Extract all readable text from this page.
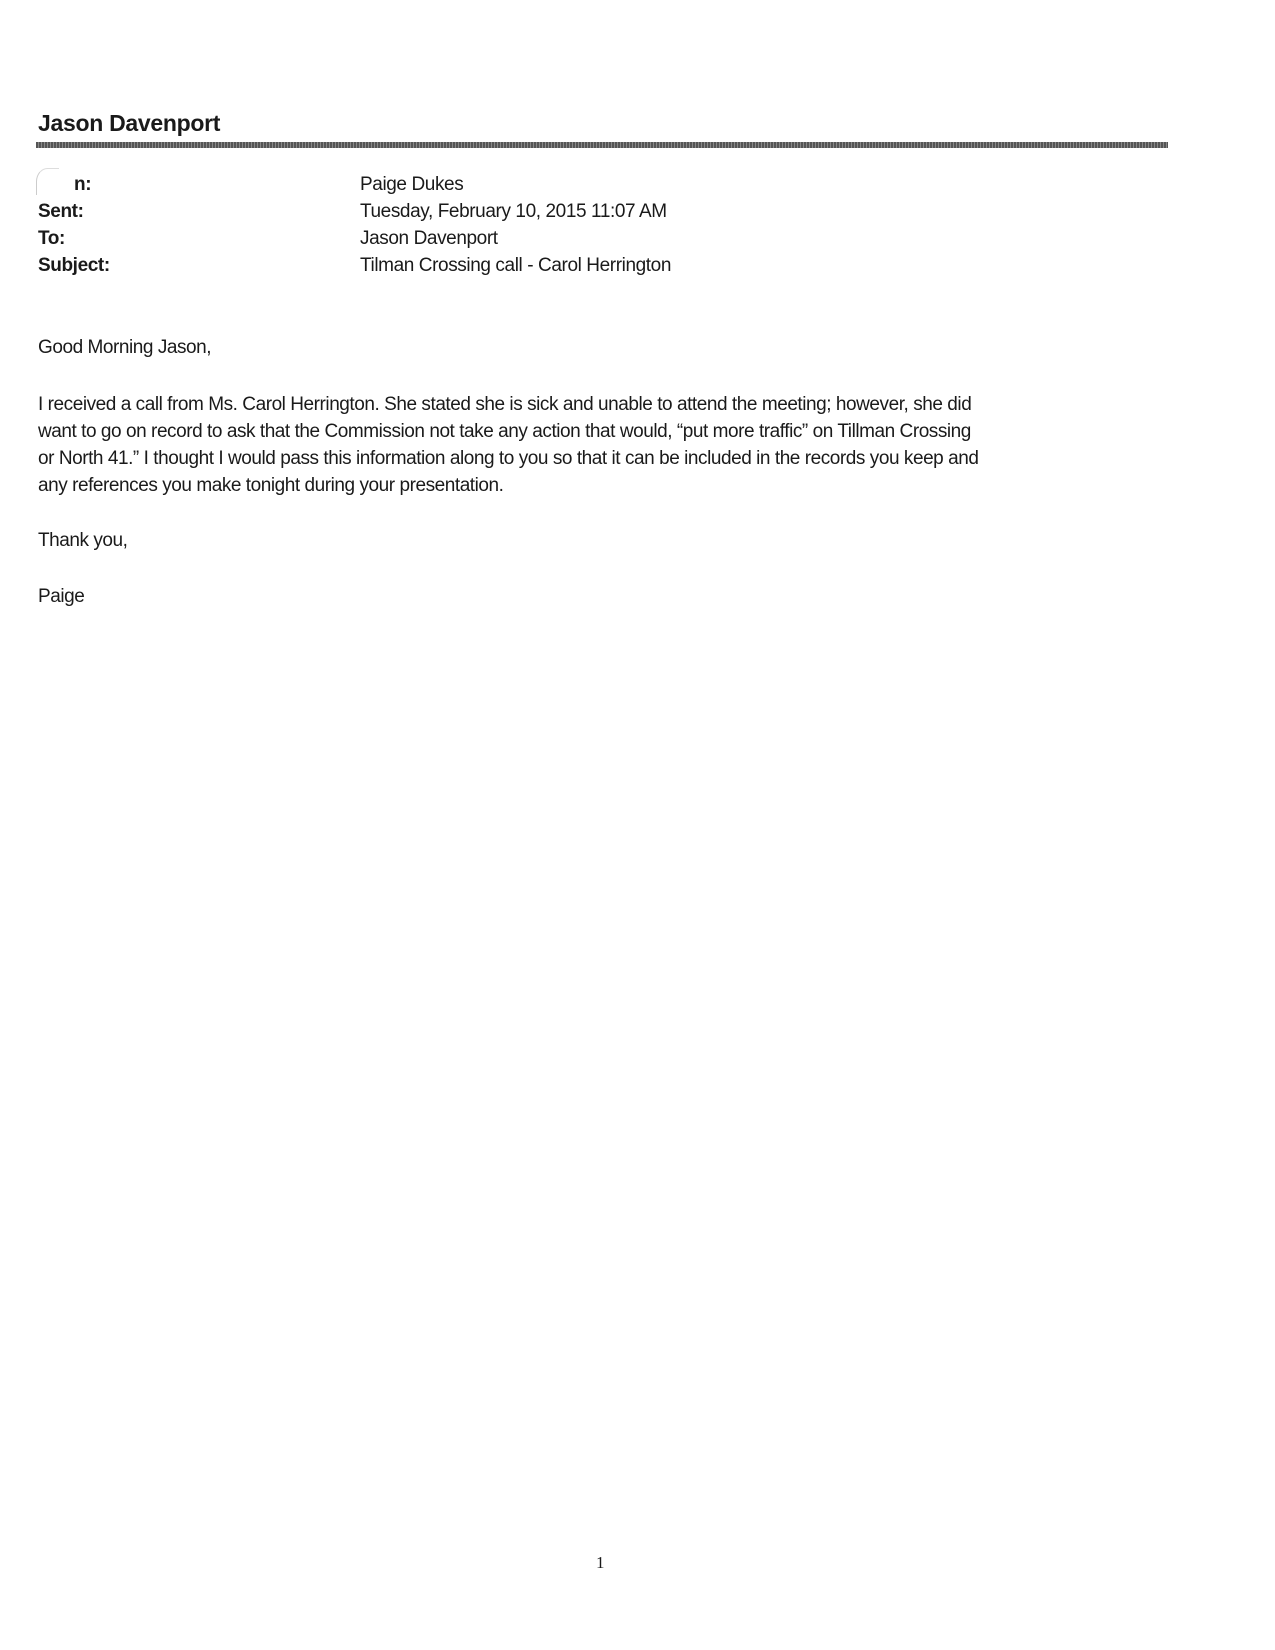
Jason Davenport
n:	Paige Dukes
Sent:	Tuesday, February 10, 2015 11:07 AM
To:	Jason Davenport
Subject:	Tilman Crossing call - Carol Herrington
Good Morning Jason,
I received a call from Ms. Carol Herrington. She stated she is sick and unable to attend the meeting; however, she did
want to go on record to ask that the Commission not take any action that would, “put more traffic” on Tillman Crossing
or North 41.” I thought I would pass this information along to you so that it can be included in the records you keep and
any references you make tonight during your presentation.
Thank you,
Paige
1
